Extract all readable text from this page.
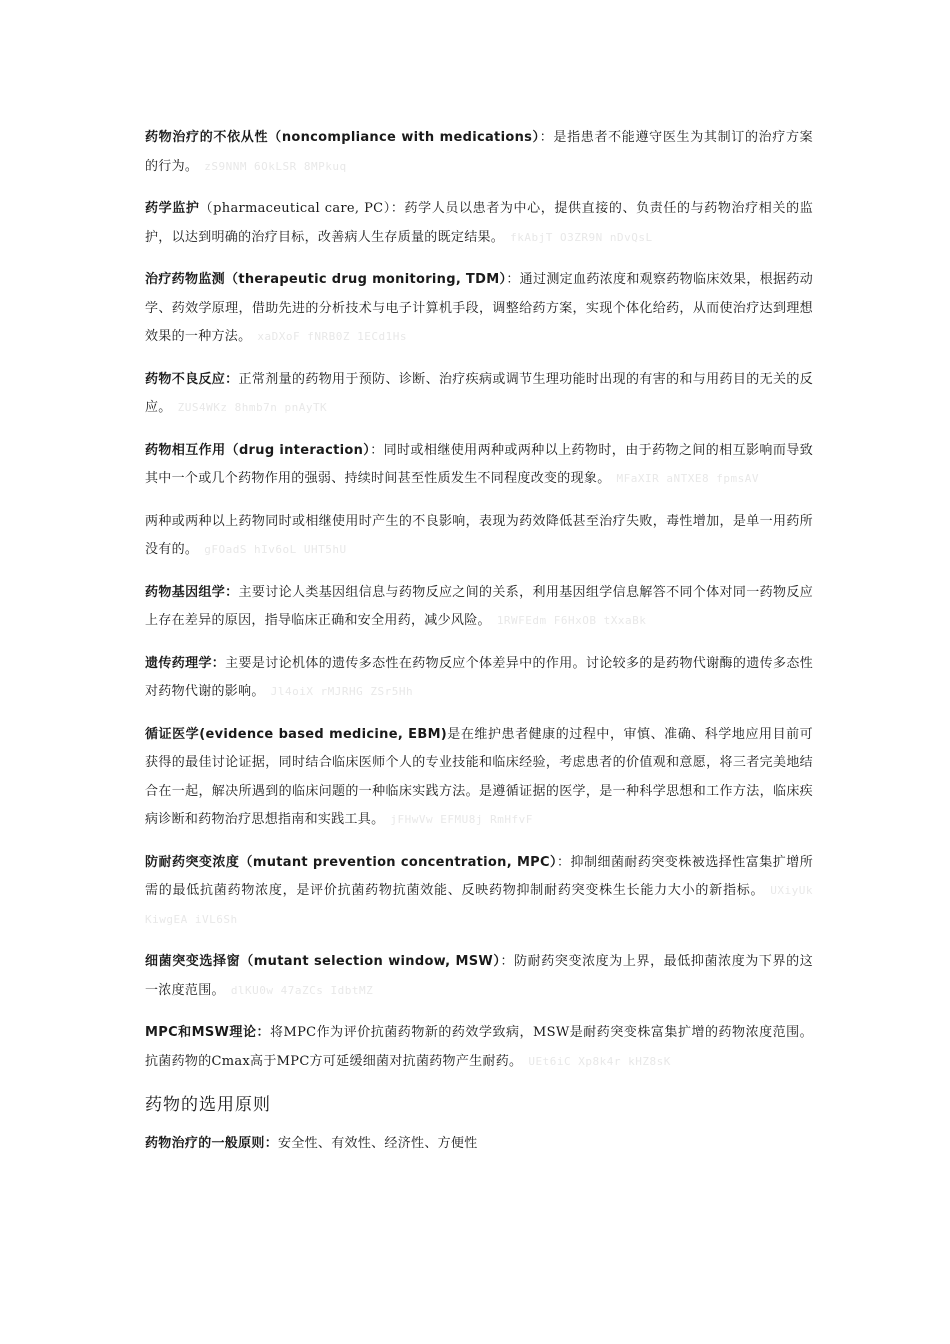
药物治疗的不依从性（noncompliance with medications）：是指患者不能遵守医生为其制订的治疗方案的行为。 zS9NNM 6OkLSR 8MPkuq

药学监护（pharmaceutical care, PC）：药学人员以患者为中心，提供直接的、负责任的与药物治疗相关的监护，以达到明确的治疗目标，改善病人生存质量的既定结果。 fkAbjT O3ZR9N nDvQsL

治疗药物监测（therapeutic drug monitoring, TDM）：通过测定血药浓度和观察药物临床效果，根据药动学、药效学原理，借助先进的分析技术与电子计算机手段，调整给药方案，实现个体化给药，从而使治疗达到理想效果的一种方法。 xaDXoF fNRB0Z 1ECd1Hs

药物不良反应：正常剂量的药物用于预防、诊断、治疗疾病或调节生理功能时出现的有害的和与用药目的无关的反应。 ZUS4WKz 8hmb7n pnAyTK

药物相互作用（drug interaction）：同时或相继使用两种或两种以上药物时，由于药物之间的相互影响而导致其中一个或几个药物作用的强弱、持续时间甚至性质发生不同程度改变的现象。 MFaXIR aNTXE8 fpmsAV

两种或两种以上药物同时或相继使用时产生的不良影响，表现为药效降低甚至治疗失败，毒性增加，是单一用药所没有的。 gFOadS hIv6oL UHT5hU

药物基因组学：主要讨论人类基因组信息与药物反应之间的关系，利用基因组学信息解答不同个体对同一药物反应上存在差异的原因，指导临床正确和安全用药，减少风险。 1RWFEdm F6HxOB tXxaBk

遗传药理学：主要是讨论机体的遗传多态性在药物反应个体差异中的作用。讨论较多的是药物代谢酶的遗传多态性对药物代谢的影响。 Jl4oiX rMJRHG ZSr5Hh

循证医学(evidence based medicine, EBM)是在维护患者健康的过程中，审慎、准确、科学地应用目前可获得的最佳讨论证据，同时结合临床医师个人的专业技能和临床经验，考虑患者的价值观和意愿，将三者完美地结合在一起，解决所遇到的临床问题的一种临床实践方法。是遵循证据的医学，是一种科学思想和工作方法，临床疾病诊断和药物治疗思想指南和实践工具。 jFHwVw EFMU8j RmHfvF

防耐药突变浓度（mutant prevention concentration, MPC）：抑制细菌耐药突变株被选择性富集扩增所需的最低抗菌药物浓度，是评价抗菌药物抗菌效能、反映药物抑制耐药突变株生长能力大小的新指标。 UXiyUk KiwgEA iVL6Sh

细菌突变选择窗（mutant selection window, MSW）：防耐药突变浓度为上界，最低抑菌浓度为下界的这一浓度范围。 dlKU0w 47aZCs IdbtMZ

MPC和MSW理论：将MPC作为评价抗菌药物新的药效学致病，MSW是耐药突变株富集扩增的药物浓度范围。抗菌药物的Cmax高于MPC方可延缓细菌对抗菌药物产生耐药。 UEt6iC Xp8k4r kHZ8sK

药物的选用原则

药物治疗的一般原则：安全性、有效性、经济性、方便性
